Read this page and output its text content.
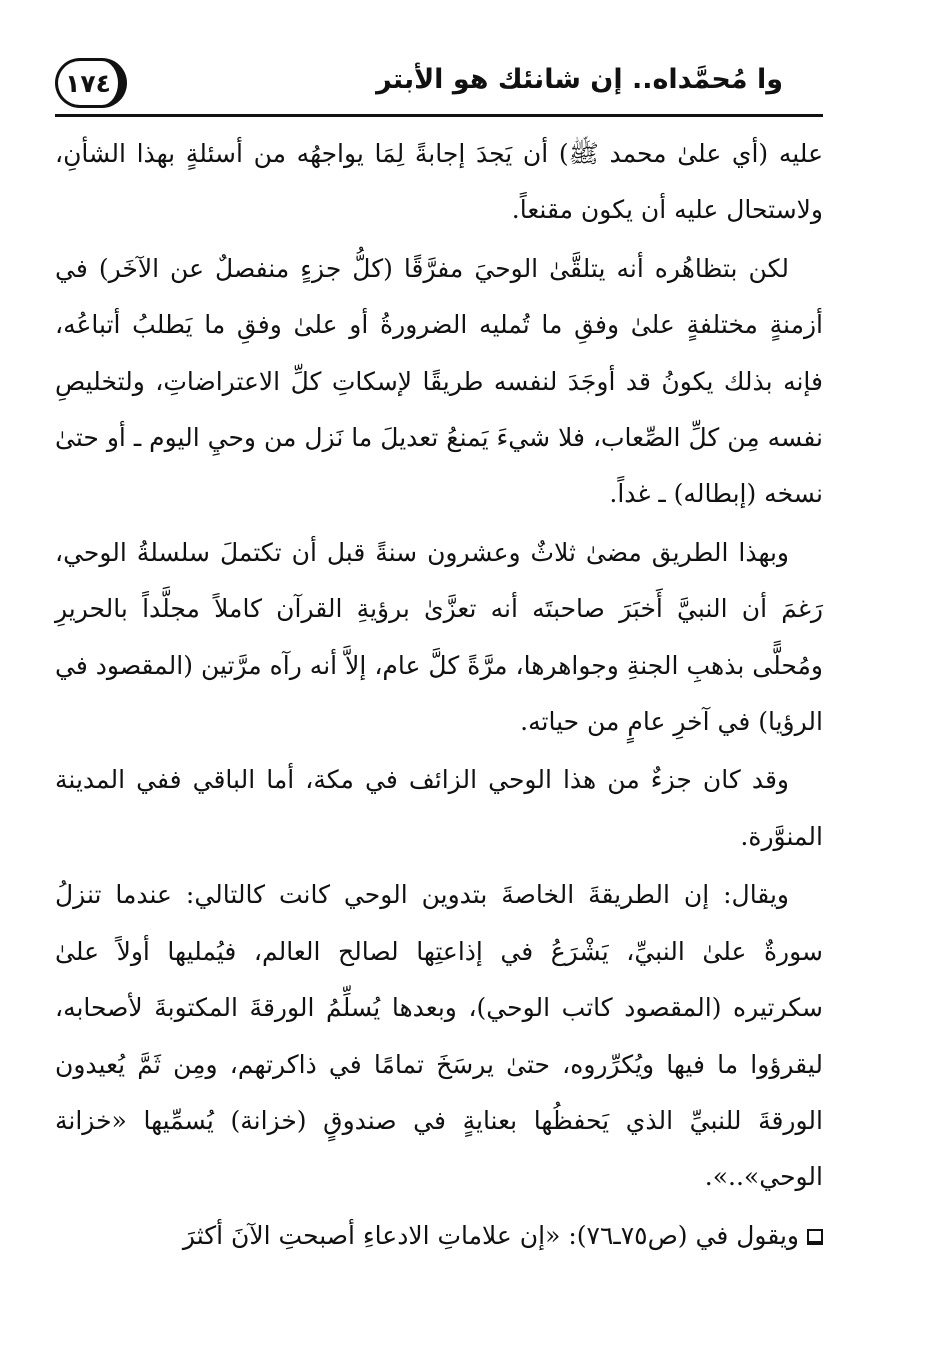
١٧٤	وا مُحمَّداه.. إن شانئك هو الأبتر

عليه (أي علىٰ محمد ﷺ) أن يَجدَ إجابةً لِمَا يواجهُه من أسئلةٍ بهذا الشأنِ، ولاستحال عليه أن يكون مقنعاً.

لكن بتظاهُره أنه يتلقَّىٰ الوحيَ مفرَّقًا (كلُّ جزءٍ منفصلٌ عن الآخَر) في أزمنةٍ مختلفةٍ علىٰ وفقِ ما تُمليه الضرورةُ أو علىٰ وفقِ ما يَطلبُ أتباعُه، فإنه بذلك يكونُ قد أوجَدَ لنفسه طريقًا لإسكاتِ كلِّ الاعتراضاتِ، ولتخليصِ نفسه مِن كلِّ الصِّعاب، فلا شيءَ يَمنعُ تعديلَ ما نَزل من وحيِ اليوم ـ أو حتىٰ نسخه (إبطاله) ـ غداً.

وبهذا الطريق مضىٰ ثلاثٌ وعشرون سنةً قبل أن تكتملَ سلسلةُ الوحي، رَغمَ أن النبيَّ أَخبَرَ صاحبتَه أنه تعزَّىٰ برؤيةِ القرآن كاملاً مجلَّداً بالحريرِ ومُحلًّى بذهبِ الجنةِ وجواهرها، مرَّةً كلَّ عام، إلاَّ أنه رآه مرَّتين (المقصود في الرؤيا) في آخرِ عامٍ من حياته.

وقد كان جزءٌ من هذا الوحي الزائف في مكة، أما الباقي ففي المدينة المنوَّرة.

ويقال: إن الطريقةَ الخاصةَ بتدوين الوحي كانت كالتالي: عندما تنزلُ سورةٌ علىٰ النبيِّ، يَشْرَعُ في إذاعتِها لصالح العالم، فيُمليها أولاً علىٰ سكرتيره (المقصود كاتب الوحي)، وبعدها يُسلِّمُ الورقةَ المكتوبةَ لأصحابه، ليقرؤوا ما فيها ويُكرِّروه، حتىٰ يرسَخَ تمامًا في ذاكرتهم، ومِن ثَمَّ يُعيدون الورقةَ للنبيِّ الذي يَحفظُها بعنايةٍ في صندوقٍ (خزانة) يُسمِّيها «خزانة الوحي»..».

ويقول في (ص٧٥ـ٧٦): «إن علاماتِ الادعاءِ أصبحتِ الآنَ أكثرَ
